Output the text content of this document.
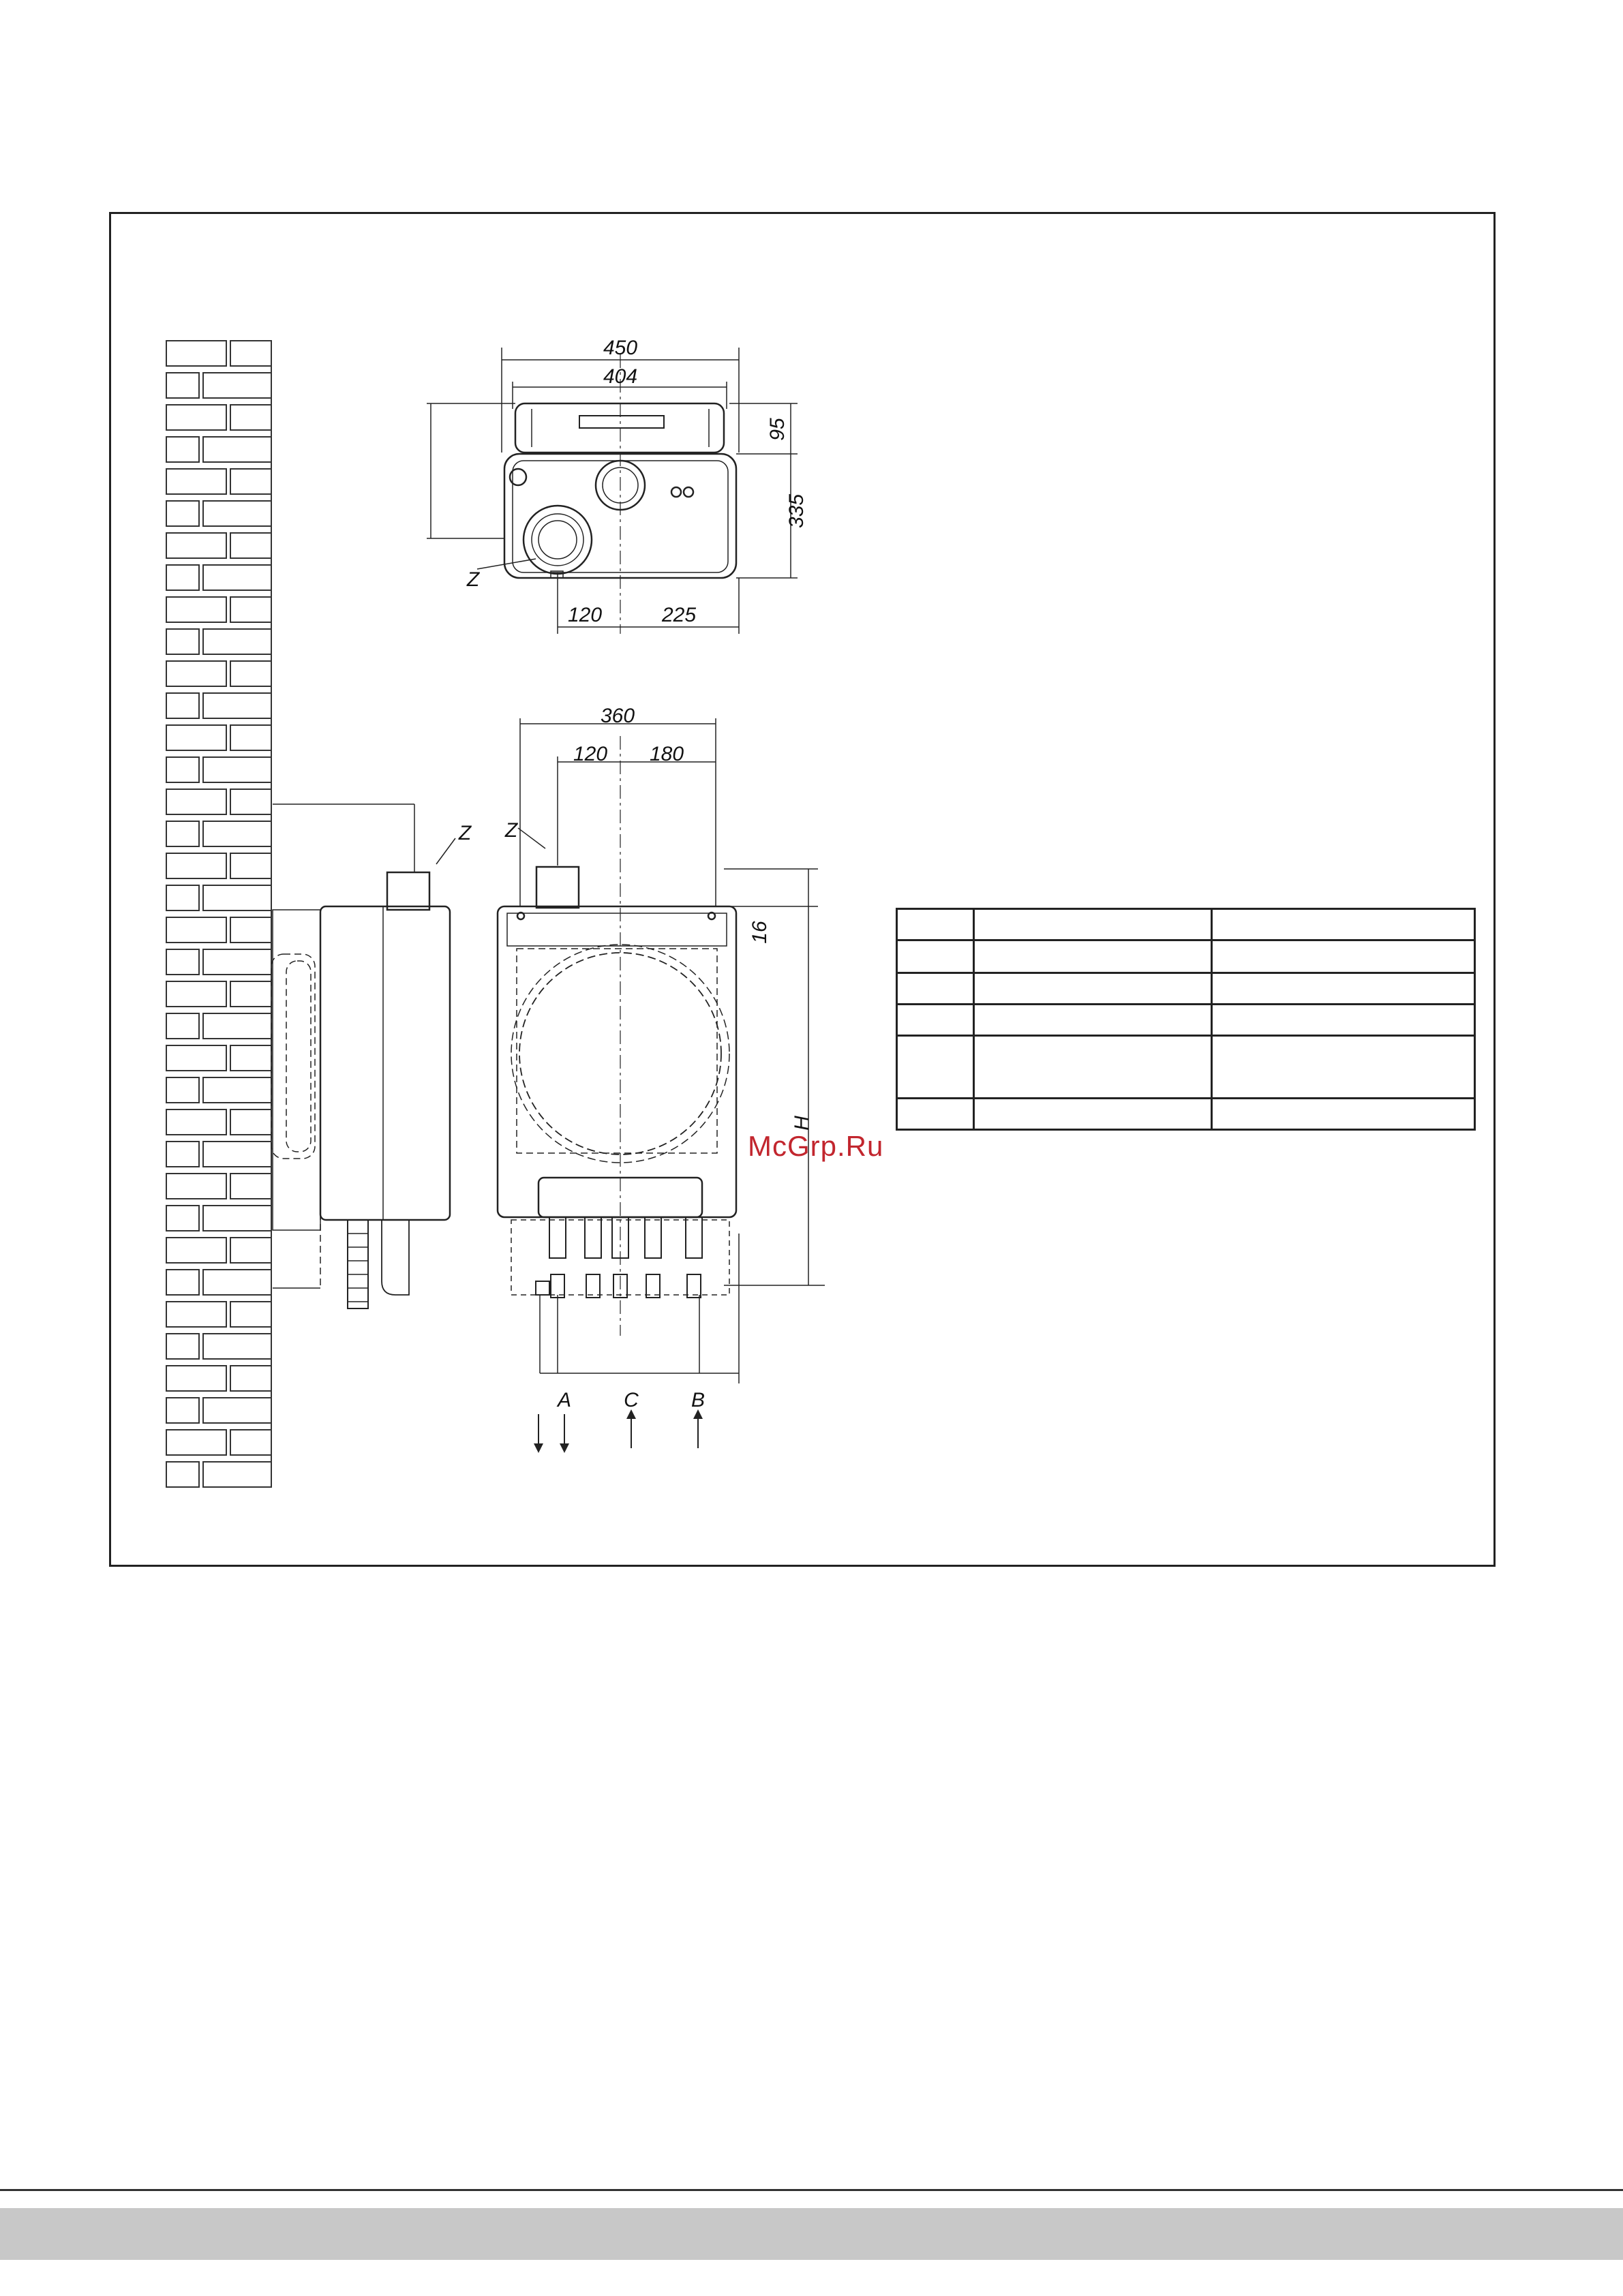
450
404
95
335
120	225
Z
360
120 180
Z
16
H
A	C	B
Z
McGrp.Ru
